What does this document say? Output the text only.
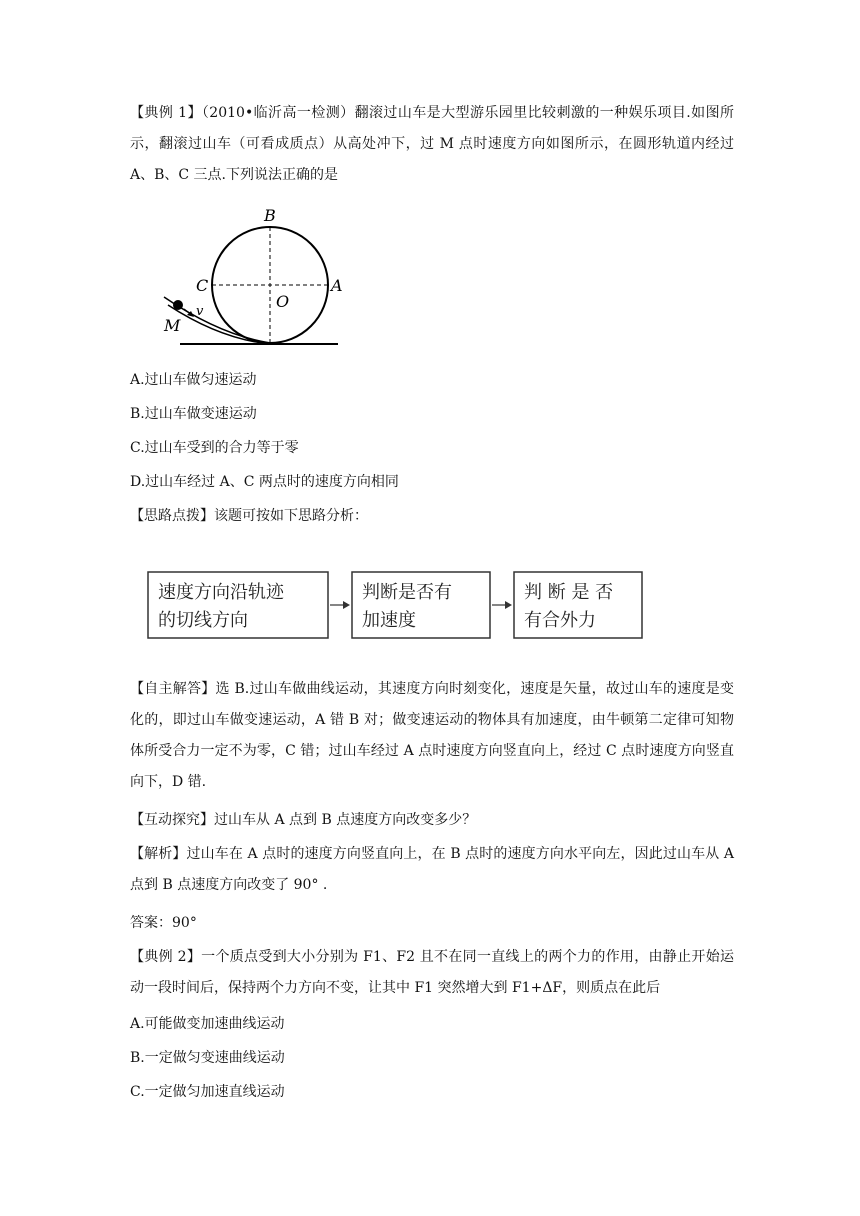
【典例 1】（2010•临沂高一检测）翻滚过山车是大型游乐园里比较刺激的一种娱乐项目.如图所示，翻滚过山车（可看成质点）从高处冲下，过 M 点时速度方向如图所示，在圆形轨道内经过 A、B、C 三点.下列说法正确的是
B
C
O
A
M
v
A.过山车做匀速运动
B.过山车做变速运动
C.过山车受到的合力等于零
D.过山车经过 A、C 两点时的速度方向相同
【思路点拨】该题可按如下思路分析：
速度方向沿轨迹
的切线方向
判断是否有
加速度
判 断 是 否
有合外力
【自主解答】选 B.过山车做曲线运动，其速度方向时刻变化，速度是矢量，故过山车的速度是变化的，即过山车做变速运动，A 错 B 对；做变速运动的物体具有加速度，由牛顿第二定律可知物体所受合力一定不为零，C 错；过山车经过 A 点时速度方向竖直向上，经过 C 点时速度方向竖直向下，D 错.
【互动探究】过山车从 A 点到 B 点速度方向改变多少？
【解析】过山车在 A 点时的速度方向竖直向上，在 B 点时的速度方向水平向左，因此过山车从 A 点到 B 点速度方向改变了 90° .
答案：90°
【典例 2】一个质点受到大小分别为 F1、F2 且不在同一直线上的两个力的作用，由静止开始运动一段时间后，保持两个力方向不变，让其中 F1 突然增大到 F1+ΔF，则质点在此后
A.可能做变加速曲线运动
B.一定做匀变速曲线运动
C.一定做匀加速直线运动
